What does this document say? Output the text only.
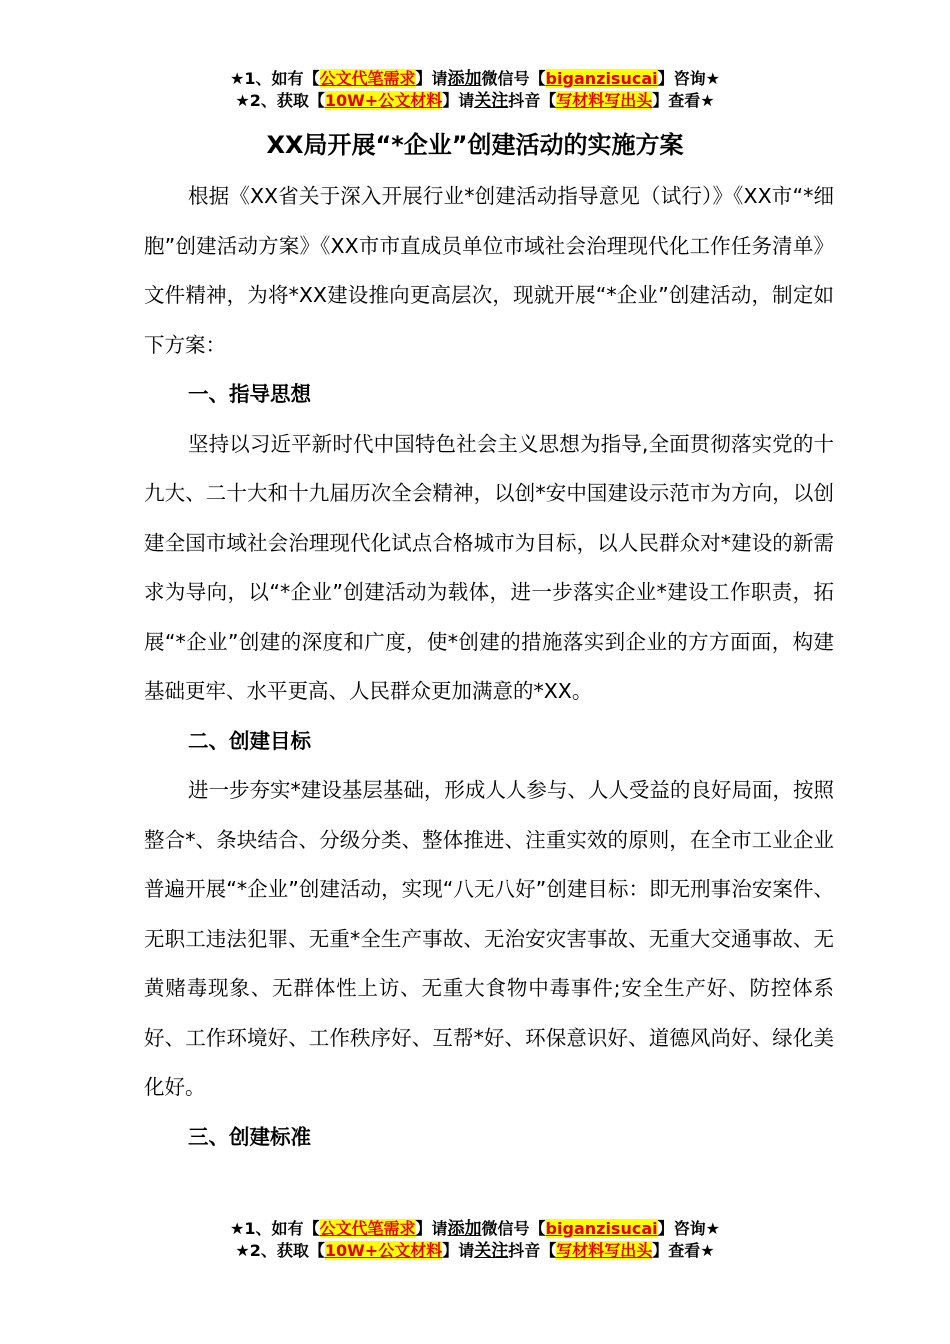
★1、如有【公文代笔需求】请添加微信号【biganzisucai】咨询★
★2、获取【10W+公文材料】请关注抖音【写材料写出头】查看★
XX局开展“*企业”创建活动的实施方案

根据《XX省关于深入开展行业*创建活动指导意见（试行）》《XX市“*细胞”创建活动方案》《XX市市直成员单位市域社会治理现代化工作任务清单》文件精神，为将*XX建设推向更高层次，现就开展“*企业”创建活动，制定如下方案：

一、指导思想

坚持以习近平新时代中国特色社会主义思想为指导,全面贯彻落实党的十九大、二十大和十九届历次全会精神，以创*安中国建设示范市为方向，以创建全国市域社会治理现代化试点合格城市为目标，以人民群众对*建设的新需求为导向，以“*企业”创建活动为载体，进一步落实企业*建设工作职责，拓展“*企业”创建的深度和广度，使*创建的措施落实到企业的方方面面，构建基础更牢、水平更高、人民群众更加满意的*XX。

二、创建目标

进一步夯实*建设基层基础，形成人人参与、人人受益的良好局面，按照整合*、条块结合、分级分类、整体推进、注重实效的原则，在全市工业企业普遍开展“*企业”创建活动，实现“八无八好”创建目标：即无刑事治安案件、无职工违法犯罪、无重*全生产事故、无治安灾害事故、无重大交通事故、无黄赌毒现象、无群体性上访、无重大食物中毒事件;安全生产好、防控体系好、工作环境好、工作秩序好、互帮*好、环保意识好、道德风尚好、绿化美化好。

三、创建标准
★1、如有【公文代笔需求】请添加微信号【biganzisucai】咨询★
★2、获取【10W+公文材料】请关注抖音【写材料写出头】查看★
